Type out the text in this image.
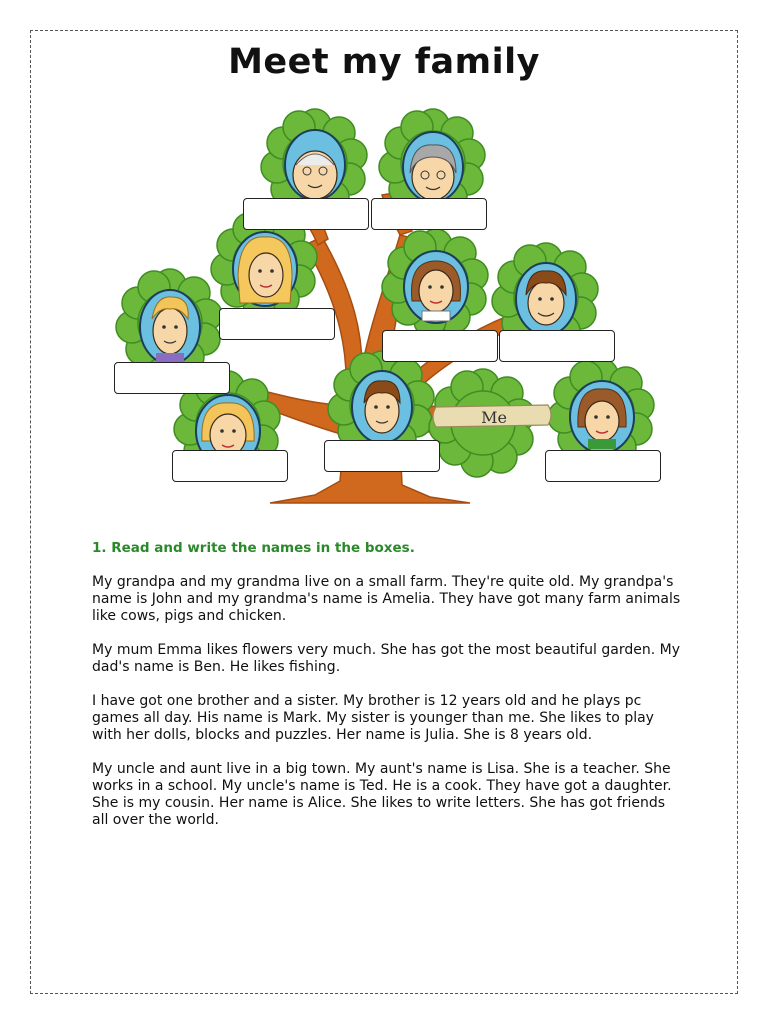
Meet my family
Me

1. Read and write the names in the boxes.

My grandpa and my grandma live on a small farm. They're quite old. My grandpa's name is John and my grandma's name is Amelia. They have got many farm animals like cows, pigs and chicken.

My mum Emma likes flowers very much. She has got the most beautiful garden. My dad's name is Ben. He likes fishing.

I have got one brother and a sister. My brother is 12 years old and he plays pc games all day. His name is Mark. My sister is younger than me. She likes to play with her dolls, blocks and puzzles. Her name is Julia. She is 8 years old.

My uncle and aunt live in a big town. My aunt's name is Lisa. She is a teacher. She works in a school. My uncle's name is Ted. He is a cook. They have got a daughter. She is my cousin. Her name is Alice. She likes to write letters. She has got friends all over the world.
